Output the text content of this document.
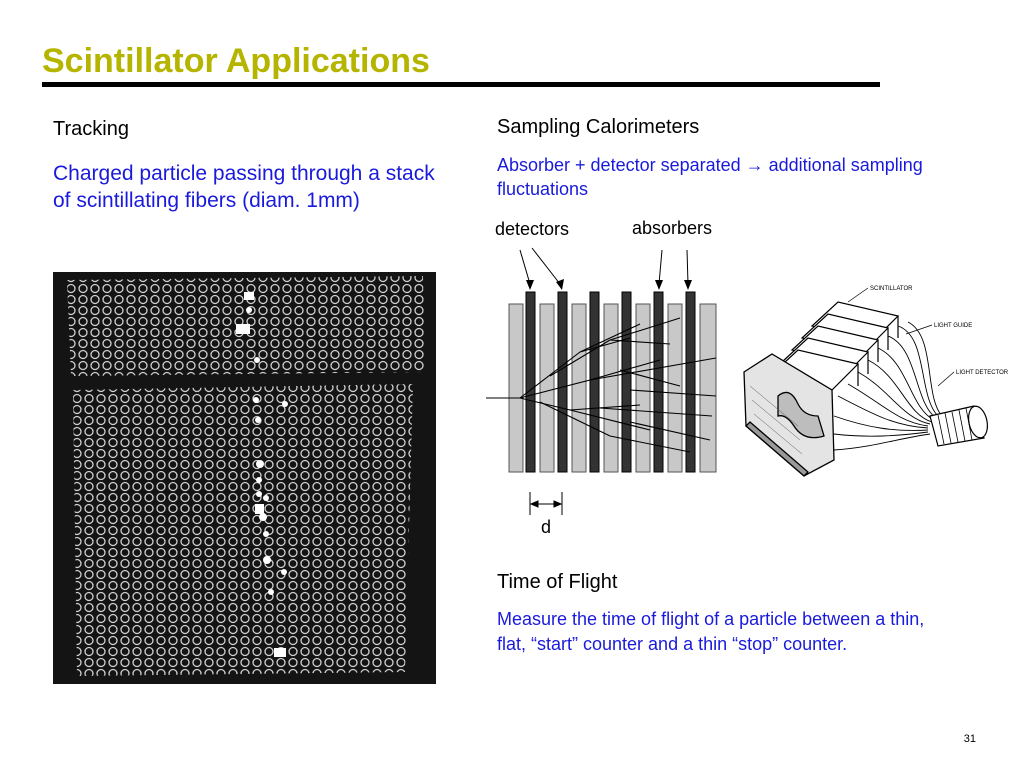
Scintillator Applications
Tracking
Charged particle passing through a stack of scintillating fibers (diam. 1mm)
Sampling Calorimeters
Absorber + detector separated → additional sampling fluctuations
detectors	absorbers
d
SCINTILLATOR
LIGHT GUIDE
LIGHT DETECTOR
Time of Flight
Measure the time of flight of a particle between a thin, flat, “start” counter and a thin “stop” counter.
31
